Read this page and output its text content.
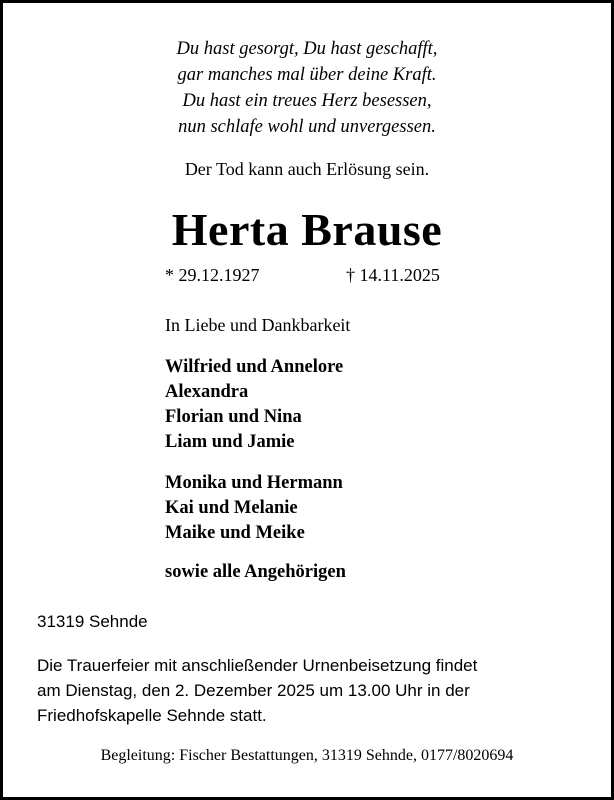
Du hast gesorgt, Du hast geschafft,
gar manches mal über deine Kraft.
Du hast ein treues Herz besessen,
nun schlafe wohl und unvergessen.
Der Tod kann auch Erlösung sein.
Herta Brause
* 29.12.1927	† 14.11.2025
In Liebe und Dankbarkeit
Wilfried und Annelore
Alexandra
Florian und Nina
Liam und Jamie
Monika und Hermann
Kai und Melanie
Maike und Meike
sowie alle Angehörigen
31319 Sehnde
Die Trauerfeier mit anschließender Urnenbeisetzung findet
am Dienstag, den 2. Dezember 2025 um 13.00 Uhr in der
Friedhofskapelle Sehnde statt.
Begleitung: Fischer Bestattungen, 31319 Sehnde, 0177/8020694
